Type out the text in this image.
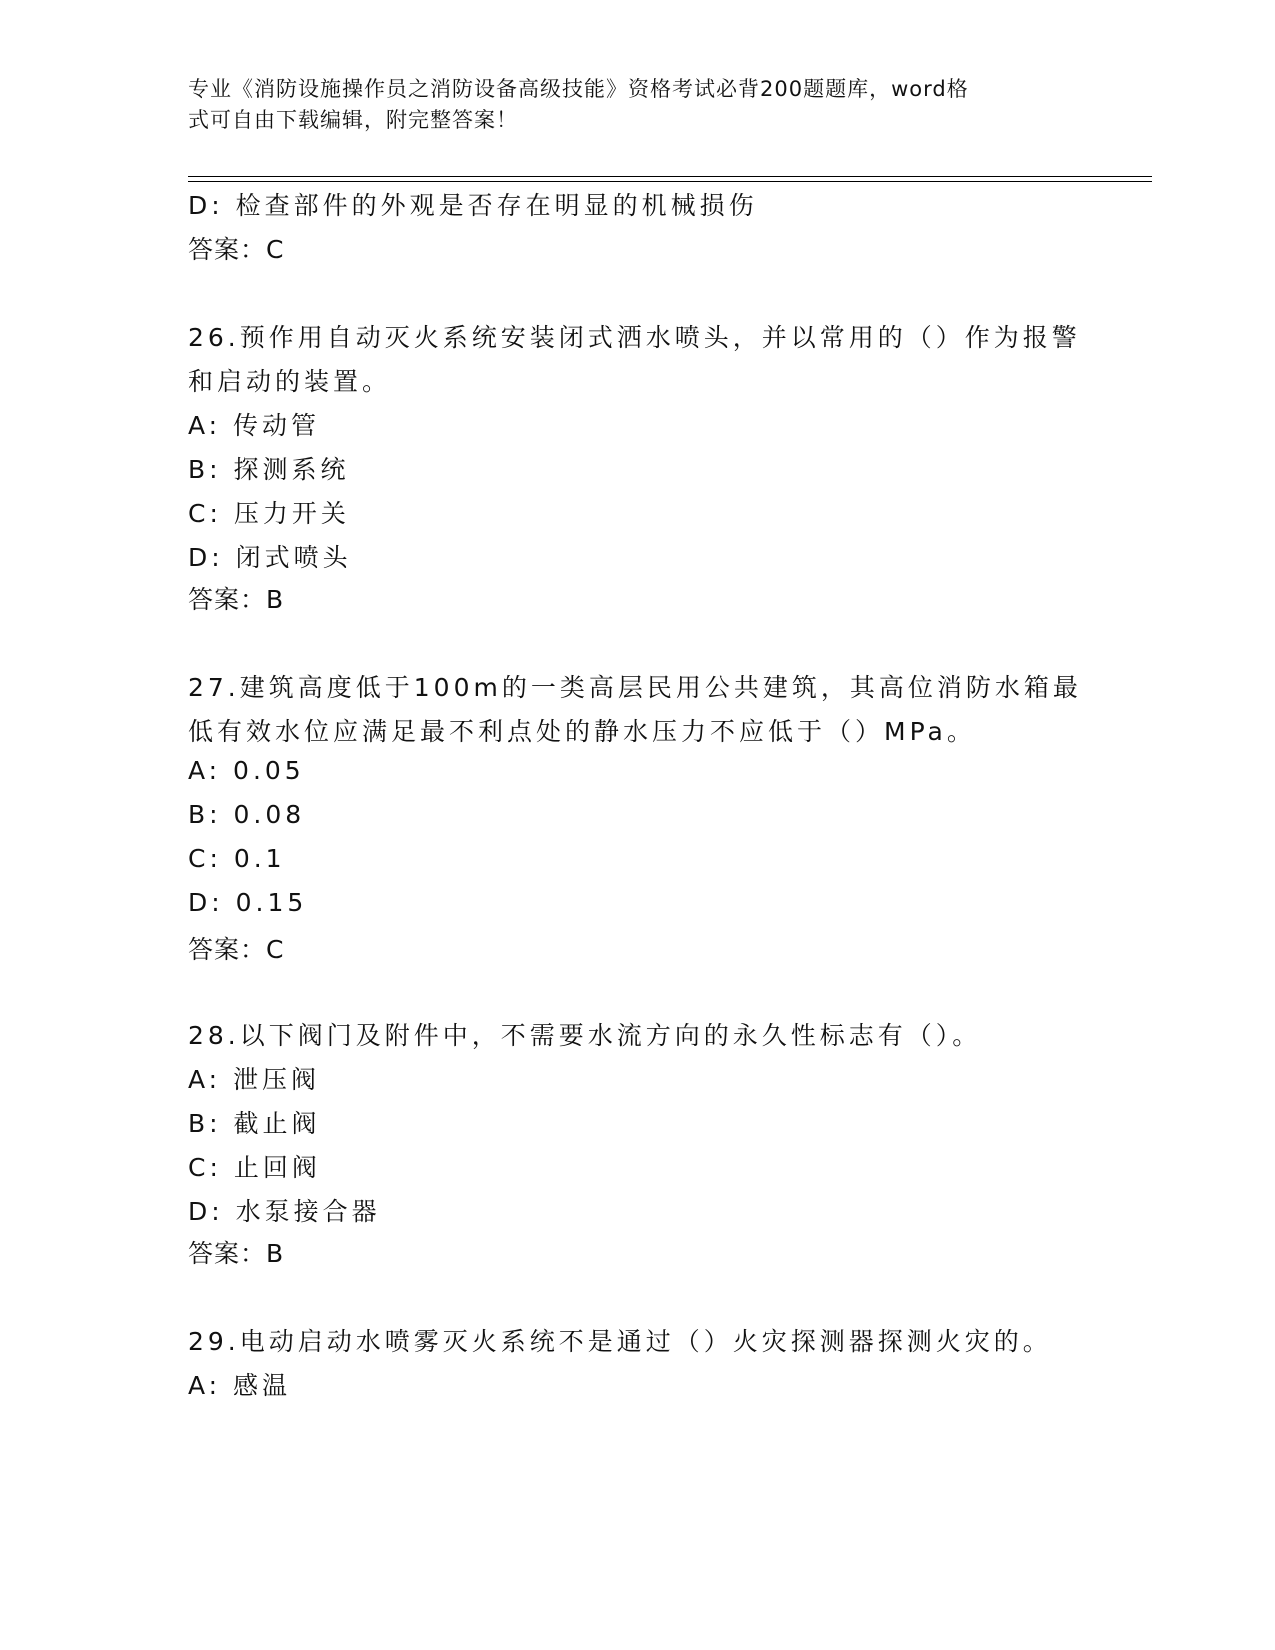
专业《消防设施操作员之消防设备高级技能》资格考试必背200题题库，word格
式可自由下载编辑，附完整答案！
D: 检查部件的外观是否存在明显的机械损伤
答案：C
26.预作用自动灭火系统安装闭式洒水喷头，并以常用的（）作为报警
和启动的装置。
A: 传动管
B: 探测系统
C: 压力开关
D: 闭式喷头
答案：B
27.建筑高度低于100m的一类高层民用公共建筑，其高位消防水箱最
低有效水位应满足最不利点处的静水压力不应低于（）MPa。
A: 0.05
B: 0.08
C: 0.1
D: 0.15
答案：C
28.以下阀门及附件中，不需要水流方向的永久性标志有（）。
A: 泄压阀
B: 截止阀
C: 止回阀
D: 水泵接合器
答案：B
29.电动启动水喷雾灭火系统不是通过（）火灾探测器探测火灾的。
A: 感温
